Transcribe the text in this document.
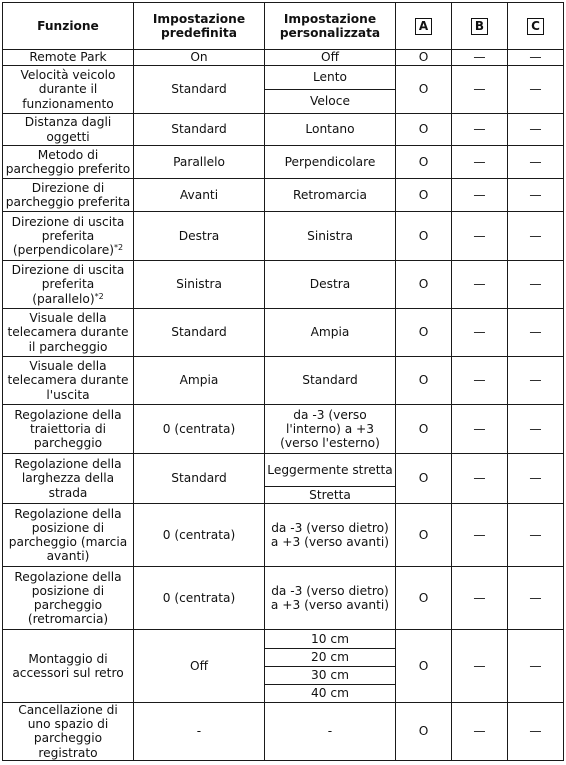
Funzione	Impostazione predefinita	Impostazione personalizzata	A	B	C
Remote Park	On	Off	O	—	—
Velocità veicolo durante il funzionamento	Standard	Lento	O	—	—
		Veloce			
Distanza dagli oggetti	Standard	Lontano	O	—	—
Metodo di parcheggio preferito	Parallelo	Perpendicolare	O	—	—
Direzione di parcheggio preferita	Avanti	Retromarcia	O	—	—
Direzione di uscita preferita (perpendicolare)$^{*2}$	Destra	Sinistra	O	—	—
Direzione di uscita preferita (parallelo)$^{*2}$	Sinistra	Destra	O	—	—
Visuale della telecamera durante il parcheggio	Standard	Ampia	O	—	—
Visuale della telecamera durante l'uscita	Ampia	Standard	O	—	—
Regolazione della traiettoria di parcheggio	0 (centrata)	da -3 (verso l'interno) a +3 (verso l'esterno)	O	—	—
Regolazione della larghezza della strada	Standard	Leggermente stretta	O	—	—
		Stretta			
Regolazione della posizione di parcheggio (marcia avanti)	0 (centrata)	da -3 (verso dietro) a +3 (verso avanti)	O	—	—
Regolazione della posizione di parcheggio (retromarcia)	0 (centrata)	da -3 (verso dietro) a +3 (verso avanti)	O	—	—
Montaggio di accessori sul retro	Off	10 cm	O	—	—
		20 cm			
		30 cm			
		40 cm			
Cancellazione di uno spazio di parcheggio registrato	-	-	O	—	—
